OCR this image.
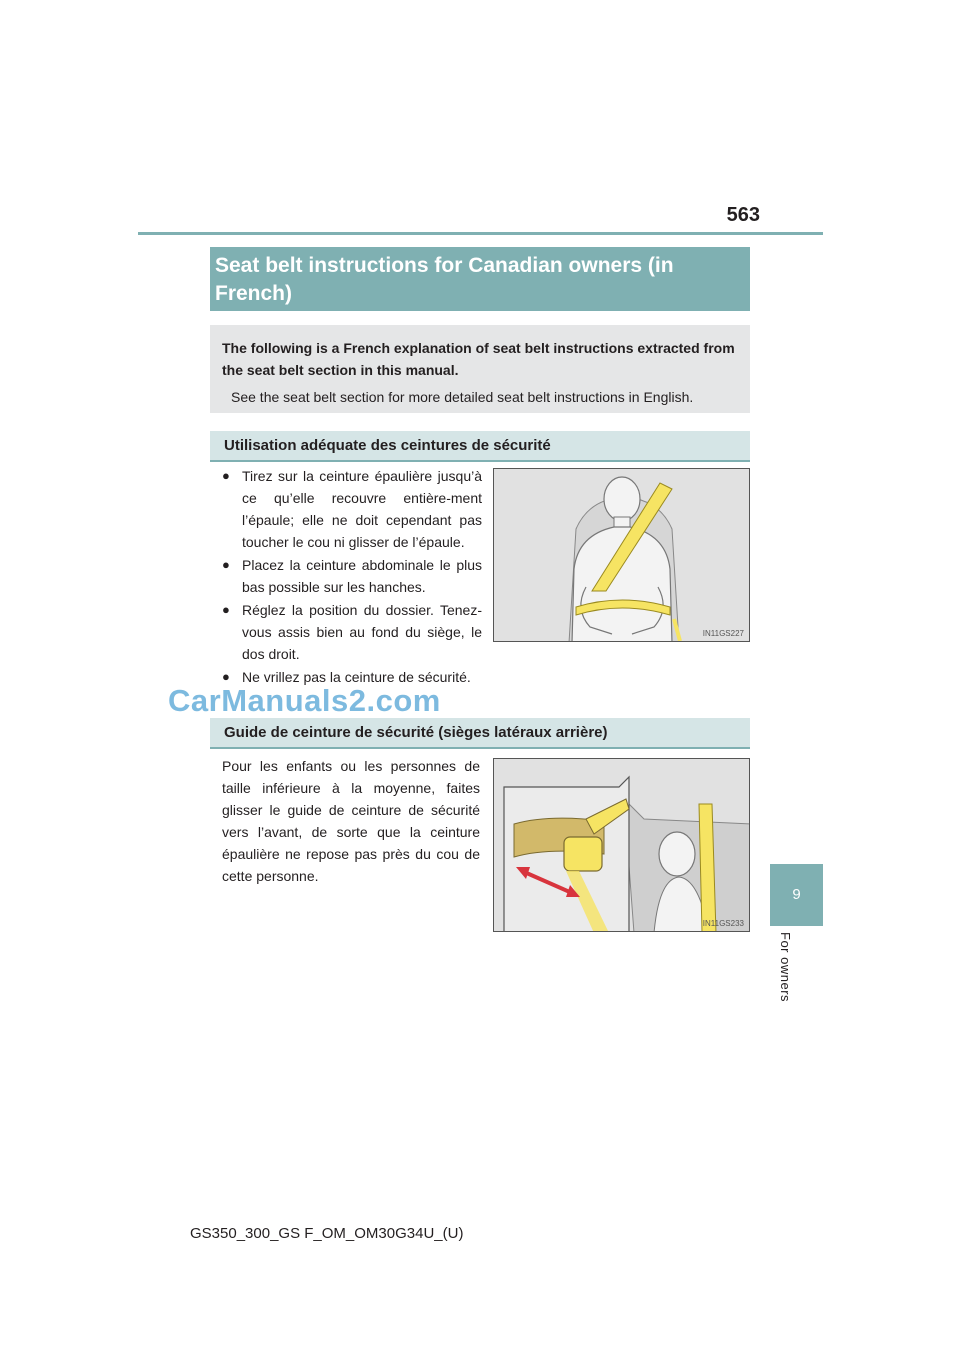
563
9
For owners
Seat belt instructions for Canadian owners (in French)
The following is a French explanation of seat belt instructions extracted from the seat belt section in this manual.
See the seat belt section for more detailed seat belt instructions in English.
Utilisation adéquate des ceintures de sécurité
● Tirez sur la ceinture épaulière jusqu’à ce qu’elle recouvre entière-ment l’épaule; elle ne doit cependant pas toucher le cou ni glisser de l’épaule.
● Placez la ceinture abdominale le plus bas possible sur les hanches.
● Réglez la position du dossier. Tenez-vous assis bien au fond du siège, le dos droit.
● Ne vrillez pas la ceinture de sécurité.
IN11GS227
CarManuals2.com
Guide de ceinture de sécurité (sièges latéraux arrière)
Pour les enfants ou les personnes de taille inférieure à la moyenne, faites glisser le guide de ceinture de sécurité vers l’avant, de sorte que la ceinture épaulière ne repose pas près du cou de cette personne.
IN11GS233
GS350_300_GS F_OM_OM30G34U_(U)
